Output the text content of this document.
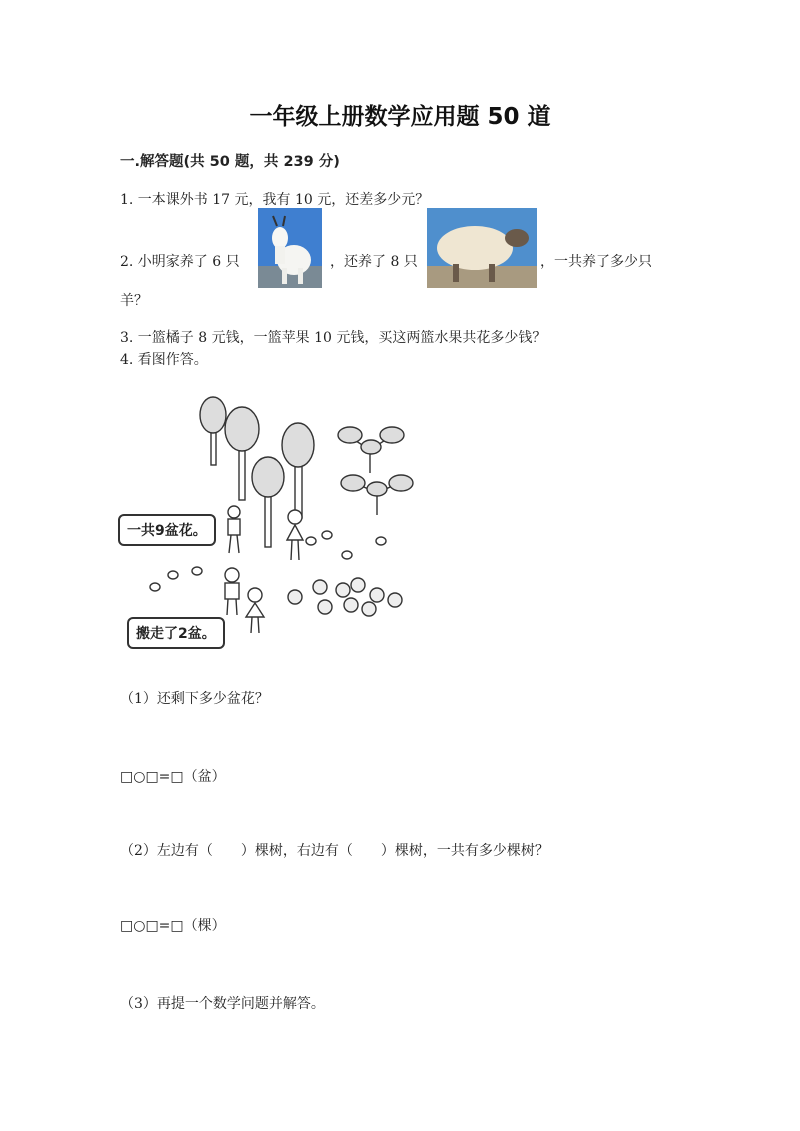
一年级上册数学应用题 50 道
一.解答题(共 50 题，共 239 分)
1. 一本课外书 17 元，我有 10 元，还差多少元？
2. 小明家养了 6 只	，还养了 8 只	，一共养了多少只
羊？
3. 一篮橘子 8 元钱，一篮苹果 10 元钱，买这两篮水果共花多少钱？
4. 看图作答。
一共9盆花。
搬走了2盆。
（1）还剩下多少盆花？
□○□=□（盆）
（2）左边有（　　）棵树，右边有（　　）棵树，一共有多少棵树？
□○□=□（棵）
（3）再提一个数学问题并解答。
